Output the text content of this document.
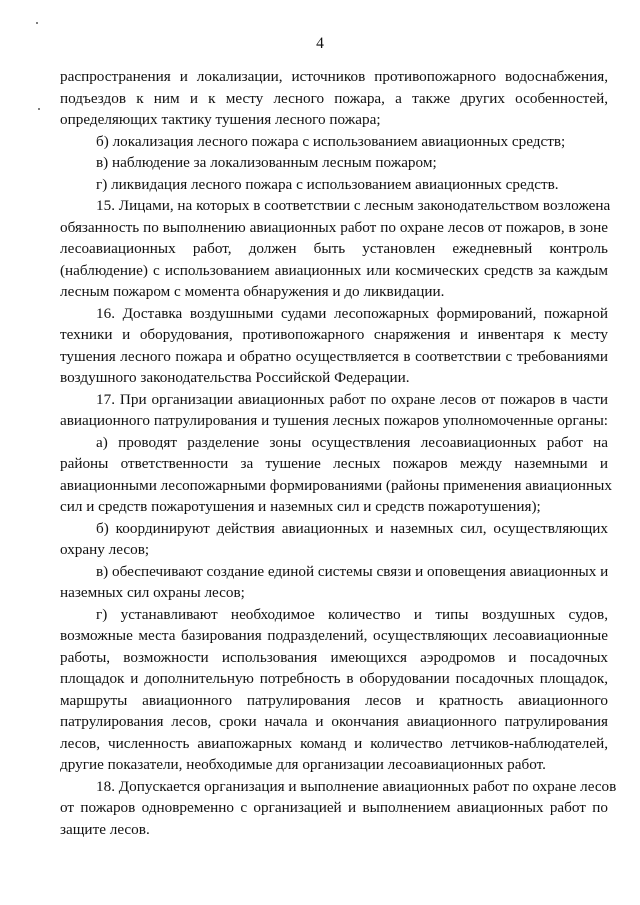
4
распространения и локализации, источников противопожарного водоснабжения,
подъездов к ним и к месту лесного пожара, а также других особенностей,
определяющих тактику тушения лесного пожара;
б) локализация лесного пожара с использованием авиационных средств;
в) наблюдение за локализованным лесным пожаром;
г) ликвидация лесного пожара с использованием авиационных средств.
15. Лицами, на которых в соответствии с лесным законодательством возложена
обязанность по выполнению авиационных работ по охране лесов от пожаров, в зоне
лесоавиационных работ, должен быть установлен ежедневный контроль
(наблюдение) с использованием авиационных или космических средств за каждым
лесным пожаром с момента обнаружения и до ликвидации.
16. Доставка воздушными судами лесопожарных формирований, пожарной
техники и оборудования, противопожарного снаряжения и инвентаря к месту
тушения лесного пожара и обратно осуществляется в соответствии с требованиями
воздушного законодательства Российской Федерации.
17. При организации авиационных работ по охране лесов от пожаров в части
авиационного патрулирования и тушения лесных пожаров уполномоченные органы:
а) проводят разделение зоны осуществления лесоавиационных работ на
районы ответственности за тушение лесных пожаров между наземными и
авиационными лесопожарными формированиями (районы применения авиационных
сил и средств пожаротушения и наземных сил и средств пожаротушения);
б) координируют действия авиационных и наземных сил, осуществляющих
охрану лесов;
в) обеспечивают создание единой системы связи и оповещения авиационных и
наземных сил охраны лесов;
г) устанавливают необходимое количество и типы воздушных судов,
возможные места базирования подразделений, осуществляющих лесоавиационные
работы, возможности использования имеющихся аэродромов и посадочных
площадок и дополнительную потребность в оборудовании посадочных площадок,
маршруты авиационного патрулирования лесов и кратность авиационного
патрулирования лесов, сроки начала и окончания авиационного патрулирования
лесов, численность авиапожарных команд и количество летчиков-наблюдателей,
другие показатели, необходимые для организации лесоавиационных работ.
18. Допускается организация и выполнение авиационных работ по охране лесов
от пожаров одновременно с организацией и выполнением авиационных работ по
защите лесов.
